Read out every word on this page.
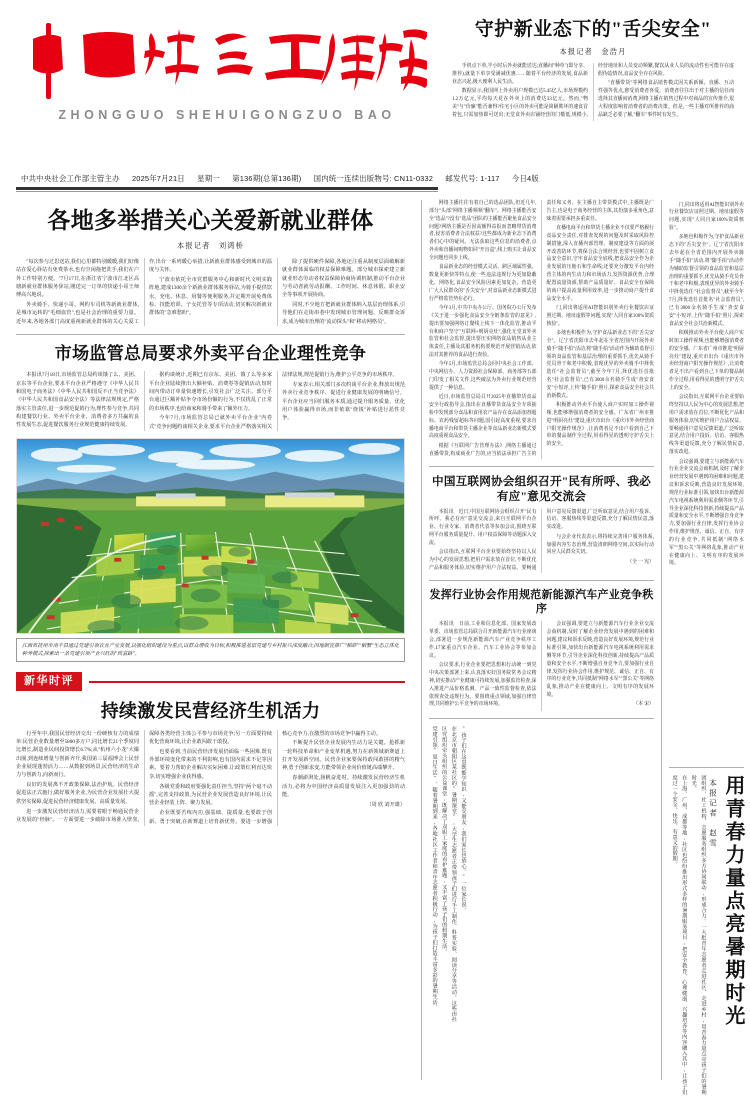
ZHONGGUO SHEHUIGONGZUO BAO
守护新业态下的"舌尖安全"
本报记者　金浩月

手机点下单,半小时后外卖就能送达;直播间"种草"(即分享、推荐),就量下单享受满减优惠……随着平台经济的发展,食品新业态兴起,极大便利人民生活。

数据显示,我国网上外卖用户规模已达5.45亿人,市场规模约1.2万亿元,平均每天花在外卖上的消费达33亿元。然而,"物美"与"价廉"能否兼得?住宅小区的外卖可能是简陋欺坏的速食冒着包,只需加热即可送出;无堂食外卖店铺经营的门槛低,规模小,经营地址和人员变动频繁,餐饮从业人员的流动性也可能存在虚假伪造情况,食品安全存在风险。

"直播带货"等网络食品销售模式因关系新颖、直播、互动性强等优点,愈受消费者喜爱。消费者往往出于对主播的信任而选择其直播间消费,网络主播在销售过程中对商品的宣传推介,很大程度影响着消费者的消费决策。但是,一些主播对所推荐的商品缺乏必要了解,"翻车"事件时有发生。

中共中央社会工作部主管主办 2025年7月21日 星期一 第136期(总第136期) 国内统一连续出版物号: CN11-0332 邮发代号: 1-117 今日4版
各地多举措关心关爱新就业群体
本报记者　刘鸿桥

"每次参与过思送站,我们心里都特别暖暖,我们好像站在爱心驿站有免费茶水,也有空闲拖把洗手,我们在户外工作特别方便。"7月17日,在浙江省宁波市江北区高塘新就业群体服务驿站,刚送完一订单的快递小哥王师傅高兴地说。

外卖骑手、快递小哥、网约车司机等新就业群体,是城市运转的"毛细血管",也是社会治理的重要力量。近年来,各地各部门高度重视新就业群体的关心关爱工作,出台一系列暖心举措,让新就业群体感受到城市的温度与关怀。

宁波市依托全市党群服务中心和新时代文明实践阵地,建成1300余个新就业群体服务驿站,为骑手提供饮水、充电、休息、用餐等便利服务,并定期开展免费体检、技能培训、子女托管等专项活动,切实解决新就业群体的"急难愁盼"。

除了提供硬件保障,各地还注重从制度层面破解新就业群体面临的权益保障难题。部分城市探索建立新就业形态劳动者权益保障协商协调机制,推动平台企业与劳动者就劳动报酬、工作时间、休息休假、职业安全等事项开展协商。

同时,不少地方把新就业群体纳入基层治理体系,引导他们在走街串巷中发现城市管理问题、反映群众诉求,成为城市治理的"流动探头"和"移动网格员"。

市场监管总局要求外卖平台企业理性竞争

本报讯7月18日,市场监管总局约谈饿了么、美团、京东等平台企业,要求平台企业严格遵守《中华人民共和国电子商务法》《中华人民共和国反不正当竞争法》《中华人民共和国食品安全法》等法律法规规定,严格落实主管责任,进一步规范促销行为,理性参与竞争,共同构建餐饮行业、外卖平台企业、消费者多方共赢的良性发展生态,促进餐饮服务行业规范健康持续发展。

据约谈统计,近期已有京东、美团、饿了么等多家平台企业陆续推出大额补贴、消费券等促销活动,短时间内带动订单量快速增长,引发社会广泛关注。部分平台通过巨额补贴争夺市场份额的行为,不仅扰乱了正常的市场秩序,也给商家和骑手带来了额外压力。

今年7月,市场监管总局已就外卖平台企业"内卷式"竞争问题约谈相关企业,要求平台企业严格落实相关法律法规,规范促销行为,维护公平竞争的市场秩序。

专家表示,相关部门多次约谈平台企业,释放出规范外卖行业竞争秩序、促进行业健康发展的明确信号。平台企业应当回归服务本质,通过提升服务质量、优化用户体验赢得市场,而非依靠"烧钱"补贴进行恶性竞争。

江西省抚州市南丰县通过党建引领农业产业发展,以强化组织建设为重点,以群众增收为目标,积极推进基层党建与乡村振兴深度融合,因地制宜推广"稻虾""稻蟹"生态立体化种养模式,探索出一条党建引领产业兴旺的"致富路"。
新华时评
持续激发民营经济生机活力

行至年中,我国民营经济交出一份硬核有力的成绩单:民营企业数量增至5800多万户,同比增长21个季度同比增长,制造业民间投资增长6.7%;从"杭州六小龙"大爆出圈,到连续增量与创新齐升,我国第三届福博会上民营企业展现蓬勃活力……从数据到场景,民营经济的生命力与创新力,向新而行。

良好的发展离不开政策保障,法治护航。民营经济促进法正式施行,做好服务企业,为民营企业发展壮大提供坚实保障,促进民营经济健康发展、高质量发展。

进一步激发民营经济活力,需要着眼于畅通民营企业发展的"经脉"。一方面要进一步破除市场准入壁垒,保障各类经营主体公平参与市场竞争;另一方面要持续优化营商环境,让企业敢闯敢干敢投。

也要看到,当前民营经济发展仍面临一些困难,既有外部环境变化带来的不利影响,也有国内需求不足等因素。要着力帮助企业解决实际困难,让政策红利直达快享,切实增强企业获得感。

各级党委和政府要强化责任担当,坚持"两个毫不动摇",完善支持政策,为民营企业发展营造良好环境,让民营企业轻装上阵、聚力发展。

企业既要苦练内功,强基础、提质量,也要敢于创新、勇于突破,在新赛道上培育新优势。要进一步增强核心竞争力,在激烈的市场竞争中赢得主动。

不断提升民营企业发展内生动力是关键。抢抓新一轮科技革命和产业变革机遇,努力在新领域新赛道上打开发展新空间。民营企业家要保持敢闯敢拼的精气神,勇于创新求变,方能带领企业向价值链高端攀升。

春潮澎湃处,扬帆奋进时。持续激发民营经济生机活力,必将为中国经济高质量发展注入更加强劲的动能。

（周 欣 刘开雄）

网络主播往往有着自己的选品团队,但近几年,部分"头部"网络主播频频"翻车"。网络主播能否安全"选品"?没有"选品"团队的主播能否避免食品安全问题?网络主播是否因高额得益报而忽略带货消费者,侵害消费者合法权益?这些都成为新业态下消费者们心中的疑问。无法获取这些信息的消费者,点外卖和直播间购物如同"开盲盒",线上购买让食品安全问题也同步上线。

食品新业态的经营模式灵活、跨区域属性强、数量更新快等特点,使一些违法违规行为更加隐蔽化、网络化,食品安全风险因素更加复杂。营造更广大人民群众的"舌尖安全",对食品新业态新模式进行严格监管势在必行。

今年3月,中共中央办公厅、国务院办公厅发布《关于进一步强化食品安全全链条监管的意见》,提出要加强网络订餐线上线下一体化监管,推动平台和商户坚守"互联网+明厨亮灶",强化无堂食外卖监管和社会监督,提出要压实网络食品销售从业主体责任,主播及其服务机构要规范开展营销活动,依法对其推荐的食品进行查验。

今年5月,市场监管总局会同中央社会工作部、中央网信办、人力资源社会保障部、商务部等五部门印发了相关文件,这些破法为外卖行业规范经营提供了一种信息。

近日,市场监管总局召开2025年直播带货食品安全行政指导会,指出在直播带货食品安全专项抽检中发现部分食品和食用农产品存在食品添加剂超标、农药残留超标等问题,国引起高度重视,要求直播电商平台和带货主播企业等食品新业态新模式要高度重视食品安全。

根据《互联网广告管理办法》,网络主播通过直播带货,构成商业广告的,应当依法承担广告主的责任和义务。在主播自主带货模式中,主播既是广告主,也是电子商务经营的主体,其扮演多重角色,意味着需要承担多重责任。

直播电商平台和带货主播企业不仅要严格履行食品安全责任,对排查发现的问题及时采取风险控制措施,深入直播内部管理、制度建设等方面的展开改善防环节,将保合法合规经营,也要牢固树立食品安全意识,守牢食品安全底线,把食品安全作为企业发展的压舱石和生命线;还要充分激发平台内经营主体的内生动力和市场活力,发挥资源优势,合理配置流量资源,帮助产品质量好、食品安全有保障的商户提高流量利用效率,进一步推动商户提升食品安全水平。

门,同出将适用AI智能识别外卖行业餐饮店证照过期、地址虚假等问题,实现"人同自家100%资质核验"。

多地也积极作为,守护食品新业态下的"舌尖安全"。辽宁省沈阳市去年起在全省范围内开展外卖骑手"随手拍"活动,将"随手拍"活动作为辅助监督引领的食品监管和基层治理的重要抓手,优先从骑手党员骨干和老中积极,表现优异的外卖骑手中择优选任"社会监督员",截至今年7月,择优选任首批名"社会监督员",已有3000余名骑手生成"查安食安"小短评,上传"随手拍"照片,探索食品安全社会共治新模式。

积极推动外卖平台使人商户实时加工操作视频,也能够增强消费者的安全感。广东省广州市推进"明厨亮灶"建设,重庆市出台《重庆市外卖经营商户阳光操作规范》,让消费者足不出户看到自己下单的餐品制作全过程,用看得见的透明守护舌尖上的安全。

中国互联网协会组织召开"民有所呼、我必有应"意见交流会

本报讯　近日,中国互联网协会组织召开"民有所呼、我必有应"意见交流会,来自互联网平台企业、行业专家、消费者代表等参加会议,围绕互联网平台服务质量提升、用户权益保障等话题深入交流。

会议指出,互联网平台企业要始终坚持以人民为中心的发展思想,把用户需求放在首位,不断优化产品和服务体验,切实维护用户合法权益。要畅通用户意见反馈渠道,广泛听取意见,结合用户投诉、信访、客服热线等渠道反馈,充分了解民情民意,落实改进。

与会企业代表表示,将持续完善用户服务体系,加强内容生态治理,营造清朗网络空间,以实际行动回应人民群众关切。

（全 一 宪）

发挥行业协会作用规范新能源汽车产业竞争秩序

本报讯　日前,工业和信息化部、国家发展改革委、市场监管总局联合召开新能源汽车行业座谈会,部署进一步规范新能源汽车产业竞争秩序工作,17家重点汽车企业、汽车工业协会等参加会议。

会议要求,行业企业要把思想和行动统一到党中央决策部署上来,认真落实好国务院常务会议精神,切实推动产业健康可持续发展,加强监管检查,深入推进产品价格监测、产品一致性监督检查,依法依规查处违规行为。要围绕重点领域,加强自律管理,共同维护公平竞争的市场环境。

会议强调,要建立与新能源汽车行业企业交流会商机制,及时了解企业经营发展中遇到的困难和问题,建议和诉求反映,营造良好发展环境,规范行业标准引领,加快出台新能源汽车电视系统利用需求侧等环节,引导企业深化科技创新,持续提高产品质量和安全水平,不断增强自身竞争力,要加强行业自律,发挥行业协会作用,维护规范、诚信、正自、有序的行业竞争,共同抵制"网络水军""黑公关"等网络乱象,推动产业在健康向上、文明有序的发展环境。

（本 宋）

党建引领"夏日生活"。随着暑期到来,各地社区工作者和青年志愿者积极行动,为孩子们打造丰富多彩的暑期生活。	在北京市朝阳区某社区的"暑期课堂",大学生志愿者正带领孩子们进行手工制作、科普实验、阅读分享等活动。这些由社区党组织牵头组织的公益课堂,既解决了双职工家庭的看护难题,又丰富了孩子们的假期生活。	"孩子们在这里既能学知识,又能交朋友,我们家长也放心。"一位家长说。

门,同出将适用AI智能识别外卖行业餐饮店证照过期、地址虚假等问题,实现"人同自家100%资质核验"。

多地也积极作为,守护食品新业态下的"舌尖安全"。辽宁省沈阳市去年起在全省范围内开展外卖骑手"随手拍"活动,将"随手拍"活动作为辅助监督引领的食品监管和基层治理的重要抓手,优先从骑手党员骨干和老中积极,表现优异的外卖骑手中择优选任"社会监督员",截至今年7月,择优选任首批名"社会监督员",已有3000余名骑手生成"查安食安"小短评,上传"随手拍"照片,探索食品安全社会共治新模式。

积极推动外卖平台使人商户实时加工操作视频,也能够增强消费者的安全感。广东省广州市推进"明厨亮灶"建设,重庆市出台《重庆市外卖经营商户阳光操作规范》,让消费者足不出户看到自己下单的餐品制作全过程,用看得见的透明守护舌尖上的安全。

会议指出,互联网平台企业要始终坚持以人民为中心的发展思想,把用户需求放在首位,不断优化产品和服务体验,切实维护用户合法权益。要畅通用户意见反馈渠道,广泛听取意见,结合用户投诉、信访、客服热线等渠道反馈,充分了解民情民意,落实改进。

会议强调,要建立与新能源汽车行业企业交流会商机制,及时了解企业经营发展中遇到的困难和问题,建议和诉求反映,营造良好发展环境,规范行业标准引领,加快出台新能源汽车电视系统利用需求侧等环节,引导企业深化科技创新,持续提高产品质量和安全水平,不断增强自身竞争力,要加强行业自律,发挥行业协会作用,维护规范、诚信、正自、有序的行业竞争,共同抵制"网络水军""黑公关"等网络乱象,推动产业在健康向上、文明有序的发展环境。

在上海、广州、成都等地,社区也纷纷推出形式多样的暑期服务项目,把安全教育、心理健康、兴趣培养等内容融入其中,让孩子们度过一个安全、快乐、有意义的假期。	团组织、社工机构、志愿服务组织多方协同联动,形成合力。一大批青年志愿者走进社区、走进乡村,用青春力量点亮孩子们的暑期时光。	本报记者　赵雪 用青春力量点亮暑期时光
